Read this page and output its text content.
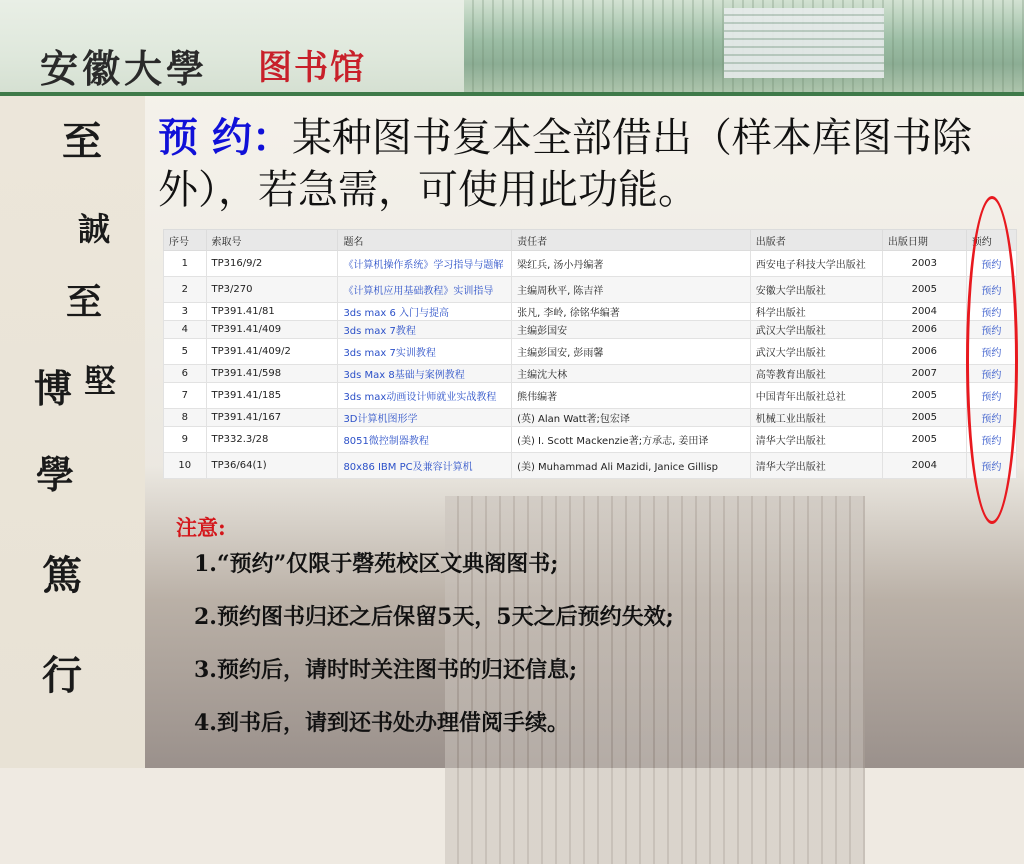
安徽大學 图书馆
至
誠
至
堅
博
學
篤
行
预 约：某种图书复本全部借出（样本库图书除外），若急需，可使用此功能。
序号	索取号	题名	责任者	出版者	出版日期	预约
1	TP316/9/2	《计算机操作系统》学习指导与题解	梁红兵, 汤小丹编著	西安电子科技大学出版社	2003	预约
2	TP3/270	《计算机应用基础教程》实训指导	主编周秋平, 陈吉祥	安徽大学出版社	2005	预约
3	TP391.41/81	3ds max 6 入门与提高	张凡, 李岭, 徐铭华编著	科学出版社	2004	预约
4	TP391.41/409	3ds max 7教程	主编彭国安	武汉大学出版社	2006	预约
5	TP391.41/409/2	3ds max 7实训教程	主编彭国安, 彭雨馨	武汉大学出版社	2006	预约
6	TP391.41/598	3ds Max 8基础与案例教程	主编沈大林	高等教育出版社	2007	预约
7	TP391.41/185	3ds max动画设计师就业实战教程	熊伟编著	中国青年出版社总社	2005	预约
8	TP391.41/167	3D计算机图形学	(英) Alan Watt著;包宏译	机械工业出版社	2005	预约
9	TP332.3/28	8051微控制器教程	(美) I. Scott Mackenzie著;方承志, 姜田译	清华大学出版社	2005	预约
10	TP36/64(1)	80x86 IBM PC及兼容计算机	(美) Muhammad Ali Mazidi, Janice Gillisp	清华大学出版社	2004	预约
注意:
1.“预约”仅限于磬苑校区文典阁图书;
2.预约图书归还之后保留5天，5天之后预约失效;
3.预约后，请时时关注图书的归还信息;
4.到书后，请到还书处办理借阅手续。
